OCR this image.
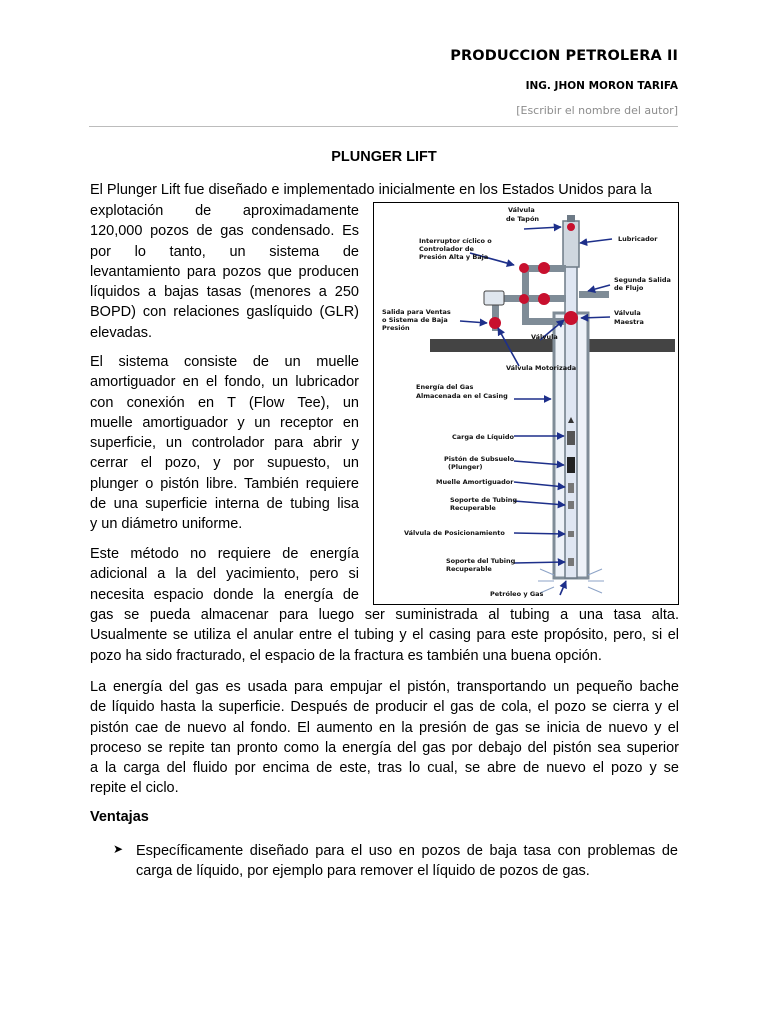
PRODUCCION PETROLERA II
ING. JHON MORON TARIFA
[Escribir el nombre del autor]
PLUNGER LIFT
El Plunger Lift fue diseñado e implementado inicialmente en los Estados Unidos para la
explotación de aproximadamente
120,000 pozos de gas condensado. Es
por lo tanto, un sistema de
levantamiento para pozos que producen
líquidos a bajas tasas (menores a 250
BOPD) con relaciones gaslíquido (GLR)
elevadas.
El sistema consiste de un muelle
amortiguador en el fondo, un lubricador
con conexión en T (Flow Tee), un
muelle amortiguador y un receptor en
superficie, un controlador para abrir y
cerrar el pozo, y por supuesto, un
plunger o pistón libre. También requiere
de una superficie interna de tubing lisa
y un diámetro uniforme.
Este método no requiere de energía
adicional a la del yacimiento, pero si
necesita espacio donde la energía de
gas se pueda almacenar para luego ser suministrada al tubing a una tasa alta.
Usualmente se utiliza el anular entre el tubing y el casing para este propósito, pero, si el
pozo ha sido fracturado, el espacio de la fractura es también una buena opción.
La energía del gas es usada para empujar el pistón, transportando un pequeño bache
de líquido hasta la superficie. Después de producir el gas de cola, el pozo se cierra y el
pistón cae de nuevo al fondo. El aumento en la presión de gas se inicia de nuevo y el
proceso se repite tan pronto como la energía del gas por debajo del pistón sea superior
a la carga del fluido por encima de este, tras lo cual, se abre de nuevo el pozo y se
repite el ciclo.
Ventajas
➤ Específicamente diseñado para el uso en pozos de baja tasa con problemas de
carga de líquido, por ejemplo para remover el líquido de pozos de gas.
Válvula
de Tapón
Lubricador
Interruptor cíclico o
Controlador de
Presión Alta y Baja
Segunda Salida
de Flujo
Salida para Ventas
o Sistema de Baja
Presión
Válvula
Maestra
Válvula
Válvula Motorizada
Energía del Gas
Almacenada en el Casing
Carga de Líquido
Pistón de Subsuelo
(Plunger)
Muelle Amortiguador
Soporte de Tubing
Recuperable
Válvula de Posicionamiento
Soporte del Tubing
Recuperable
Petróleo y Gas
